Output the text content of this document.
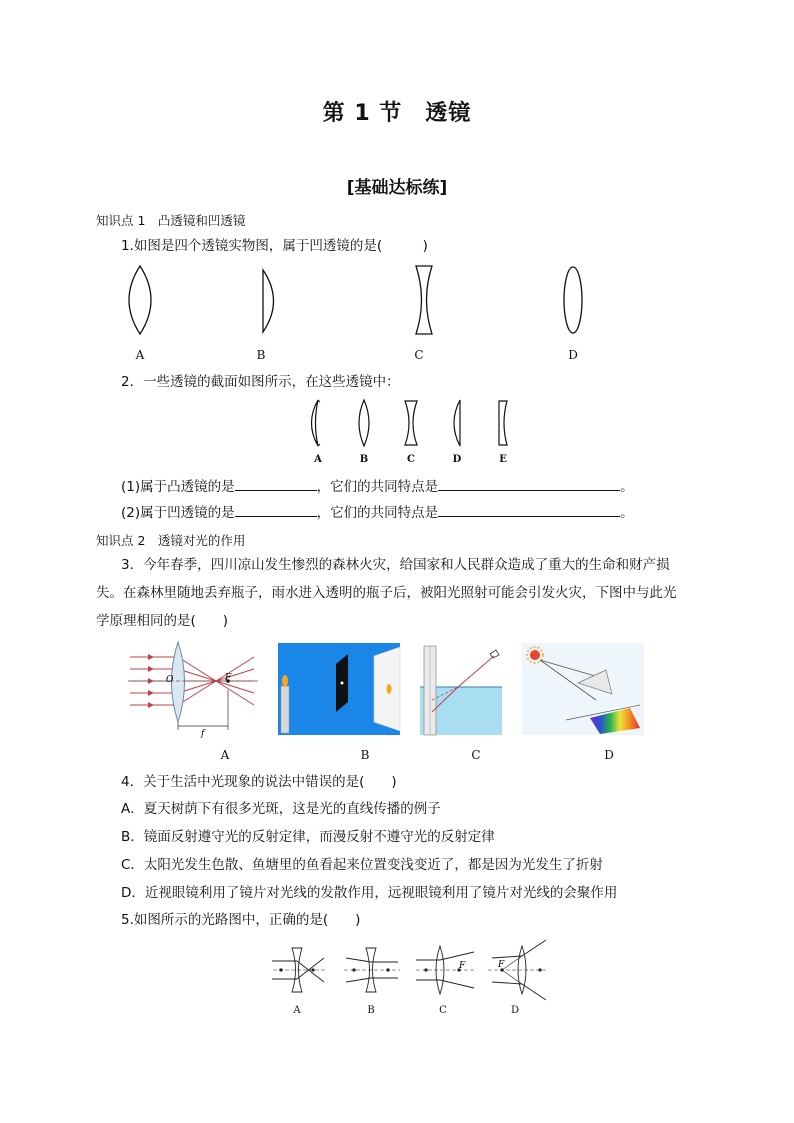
第 1 节　透镜
[基础达标练]
知识点 1　凸透镜和凹透镜
1.如图是四个透镜实物图，属于凹透镜的是(　　　)
A	B	C	D
2．一些透镜的截面如图所示，在这些透镜中：
A	B	C	D	E
(1)属于凸透镜的是	，它们的共同特点是	。
(2)属于凹透镜的是	，它们的共同特点是	。
知识点 2　透镜对光的作用
3．今年春季，四川凉山发生惨烈的森林火灾，给国家和人民群众造成了重大的生命和财产损
失。在森林里随地丢弃瓶子，雨水进入透明的瓶子后，被阳光照射可能会引发火灾，下图中与此光
学原理相同的是(　　)
O	F
f
A	B	C	D
4．关于生活中光现象的说法中错误的是(　　)
A．夏天树荫下有很多光斑，这是光的直线传播的例子
B．镜面反射遵守光的反射定律，而漫反射不遵守光的反射定律
C．太阳光发生色散、鱼塘里的鱼看起来位置变浅变近了，都是因为光发生了折射
D．近视眼镜利用了镜片对光线的发散作用，远视眼镜利用了镜片对光线的会聚作用
5.如图所示的光路图中，正确的是(　　)
F	F
A	B	C	D
